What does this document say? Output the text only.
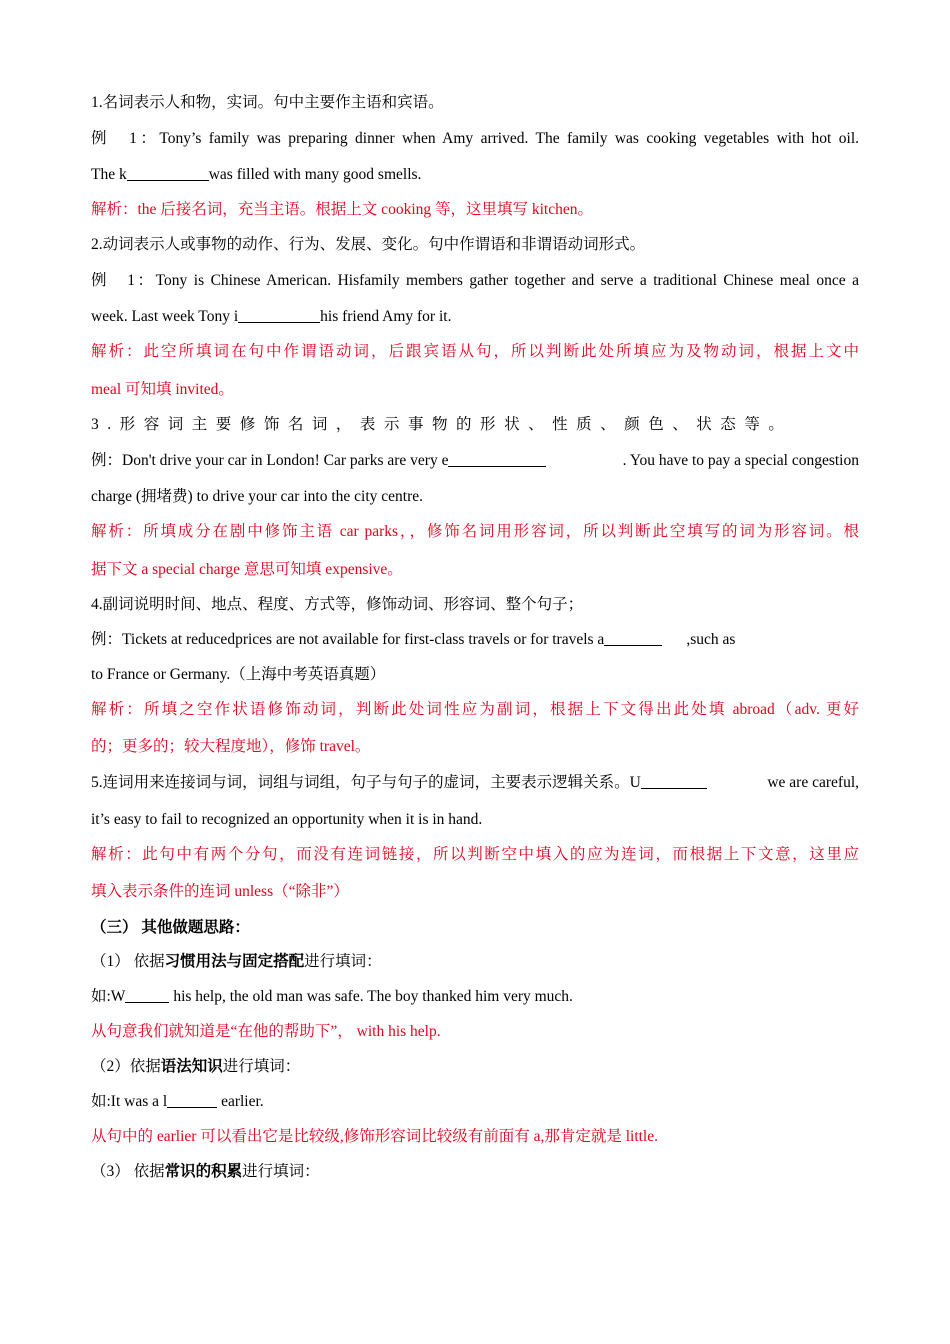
1.名词表示人和物，实词。句中主要作主语和宾语。
例　1：Tony’s family was preparing dinner when Amy arrived. The family was cooking vegetables with hot oil.
The k	was filled with many good smells.
解析：the 后接名词，充当主语。根据上文 cooking 等，这里填写 kitchen。
2.动词表示人或事物的动作、行为、发展、变化。句中作谓语和非谓语动词形式。
例　1：Tony is Chinese American. Hisfamily members gather together and serve a traditional Chinese meal once a
week. Last week Tony i	his friend Amy for it.
解析：此空所填词在句中作谓语动词，后跟宾语从句，所以判断此处所填应为及物动词，根据上文中
meal 可知填 invited。
3.形容词主要修饰名词，表示事物的形状、性质、颜色、状态等。
例：Don't drive your car in London! Car parks are very e	. You have to pay a special congestion
charge (拥堵费) to drive your car into the city centre.
解析：所填成分在剧中修饰主语 car parks，，修饰名词用形容词，所以判断此空填写的词为形容词。根
据下文 a special charge 意思可知填 expensive。
4.副词说明时间、地点、程度、方式等，修饰动词、形容词、整个句子；
例：Tickets at reducedprices are not available for first-class travels or for travels a	,such as
to France or Germany.（上海中考英语真题）
解析：所填之空作状语修饰动词，判断此处词性应为副词，根据上下文得出此处填 abroad（adv. 更好
的；更多的；较大程度地），修饰 travel。
5.连词用来连接词与词，词组与词组，句子与句子的虚词，主要表示逻辑关系。U	we are careful,
it’s easy to fail to recognized an opportunity when it is in hand.
解析：此句中有两个分句，而没有连词链接，所以判断空中填入的应为连词，而根据上下文意，这里应
填入表示条件的连词 unless（“除非”）
（三） 其他做题思路：
（1） 依据习惯用法与固定搭配进行填词：
如:W	his help, the old man was safe. The boy thanked him very much.
从句意我们就知道是“在他的帮助下”， with his help.
（2）依据语法知识进行填词：
如:It was a l	earlier.
从句中的 earlier 可以看出它是比较级,修饰形容词比较级有前面有 a,那肯定就是 little.
（3） 依据常识的积累进行填词：
